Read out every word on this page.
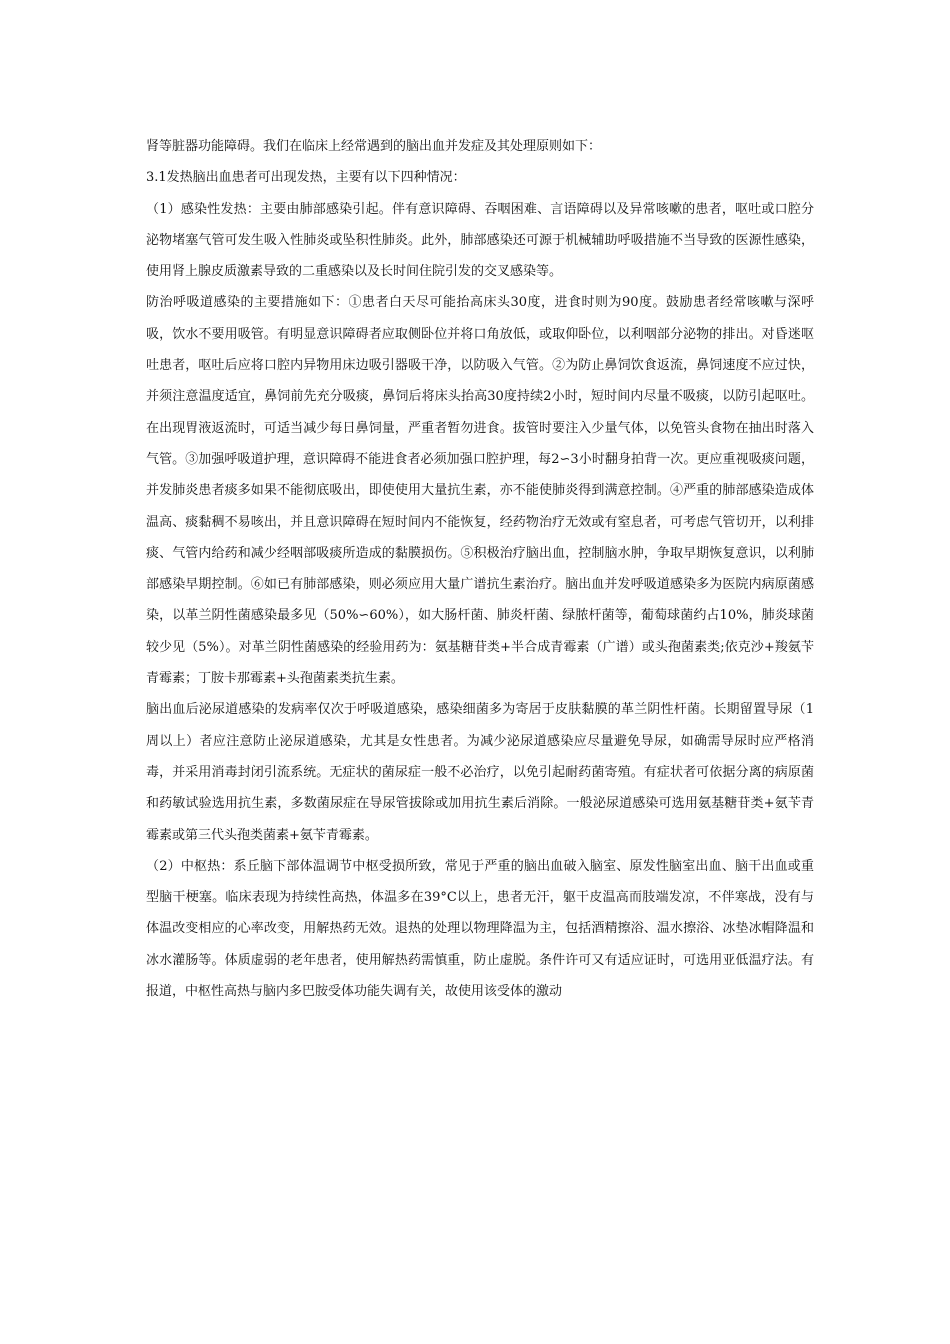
肾等脏器功能障碍。我们在临床上经常遇到的脑出血并发症及其处理原则如下：

3.1发热脑出血患者可出现发热，主要有以下四种情况：

（1）感染性发热：主要由肺部感染引起。伴有意识障碍、吞咽困难、言语障碍以及异常咳嗽的患者，呕吐或口腔分泌物堵塞气管可发生吸入性肺炎或坠积性肺炎。此外，肺部感染还可源于机械辅助呼吸措施不当导致的医源性感染，使用肾上腺皮质激素导致的二重感染以及长时间住院引发的交叉感染等。

防治呼吸道感染的主要措施如下：①患者白天尽可能抬高床头30度，进食时则为90度。鼓励患者经常咳嗽与深呼吸，饮水不要用吸管。有明显意识障碍者应取侧卧位并将口角放低，或取仰卧位，以利咽部分泌物的排出。对昏迷呕吐患者，呕吐后应将口腔内异物用床边吸引器吸干净，以防吸入气管。②为防止鼻饲饮食返流，鼻饲速度不应过快，并须注意温度适宜，鼻饲前先充分吸痰，鼻饲后将床头抬高30度持续2小时，短时间内尽量不吸痰，以防引起呕吐。在出现胃液返流时，可适当减少每日鼻饲量，严重者暂勿进食。拔管时要注入少量气体，以免管头食物在抽出时落入气管。③加强呼吸道护理，意识障碍不能进食者必须加强口腔护理，每2∽3小时翻身拍背一次。更应重视吸痰问题，并发肺炎患者痰多如果不能彻底吸出，即使使用大量抗生素，亦不能使肺炎得到满意控制。④严重的肺部感染造成体温高、痰黏稠不易咳出，并且意识障碍在短时间内不能恢复，经药物治疗无效或有窒息者，可考虑气管切开，以利排痰、气管内给药和减少经咽部吸痰所造成的黏膜损伤。⑤积极治疗脑出血，控制脑水肿，争取早期恢复意识，以利肺部感染早期控制。⑥如已有肺部感染，则必须应用大量广谱抗生素治疗。脑出血并发呼吸道感染多为医院内病原菌感染，以革兰阴性菌感染最多见（50%∽60%），如大肠杆菌、肺炎杆菌、绿脓杆菌等，葡萄球菌约占10%，肺炎球菌较少见（5%）。对革兰阴性菌感染的经验用药为：氨基糖苷类+半合成青霉素（广谱）或头孢菌素类;依克沙+羧氨苄青霉素；丁胺卡那霉素+头孢菌素类抗生素。

脑出血后泌尿道感染的发病率仅次于呼吸道感染，感染细菌多为寄居于皮肤黏膜的革兰阴性杆菌。长期留置导尿（1周以上）者应注意防止泌尿道感染，尤其是女性患者。为减少泌尿道感染应尽量避免导尿，如确需导尿时应严格消毒，并采用消毒封闭引流系统。无症状的菌尿症一般不必治疗，以免引起耐药菌寄殖。有症状者可依据分离的病原菌和药敏试验选用抗生素，多数菌尿症在导尿管拔除或加用抗生素后消除。一般泌尿道感染可选用氨基糖苷类+氨苄青霉素或第三代头孢类菌素+氨苄青霉素。

（2）中枢热：系丘脑下部体温调节中枢受损所致，常见于严重的脑出血破入脑室、原发性脑室出血、脑干出血或重型脑干梗塞。临床表现为持续性高热，体温多在39°C以上，患者无汗，躯干皮温高而肢端发凉，不伴寒战，没有与体温改变相应的心率改变，用解热药无效。退热的处理以物理降温为主，包括酒精擦浴、温水擦浴、冰垫冰帽降温和冰水灌肠等。体质虚弱的老年患者，使用解热药需慎重，防止虚脱。条件许可又有适应证时，可选用亚低温疗法。有报道，中枢性高热与脑内多巴胺受体功能失调有关，故使用该受体的激动
